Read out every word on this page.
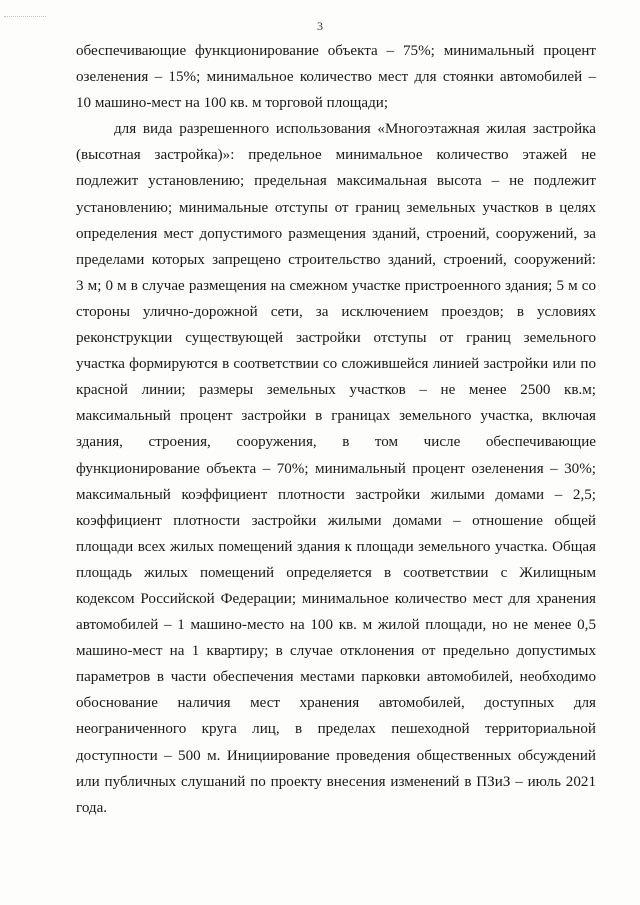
3
обеспечивающие функционирование объекта – 75%; минимальный процент
озеленения – 15%; минимальное количество мест для стоянки автомобилей –
10 машино-мест на 100 кв. м торговой площади;
для вида разрешенного использования «Многоэтажная жилая застройка
(высотная застройка)»: предельное минимальное количество этажей не
подлежит установлению; предельная максимальная высота – не подлежит
установлению; минимальные отступы от границ земельных участков в целях
определения мест допустимого размещения зданий, строений, сооружений, за
пределами которых запрещено строительство зданий, строений, сооружений:
3 м; 0 м в случае размещения на смежном участке пристроенного здания; 5 м со
стороны улично-дорожной сети, за исключением проездов; в условиях
реконструкции существующей застройки отступы от границ земельного
участка формируются в соответствии со сложившейся линией застройки или по
красной линии; размеры земельных участков – не менее 2500 кв.м;
максимальный процент застройки в границах земельного участка, включая
здания, строения, сооружения, в том числе обеспечивающие
функционирование объекта – 70%; минимальный процент озеленения – 30%;
максимальный коэффициент плотности застройки жилыми домами – 2,5;
коэффициент плотности застройки жилыми домами – отношение общей
площади всех жилых помещений здания к площади земельного участка. Общая
площадь жилых помещений определяется в соответствии с Жилищным
кодексом Российской Федерации; минимальное количество мест для хранения
автомобилей – 1 машино-место на 100 кв. м жилой площади, но не менее 0,5
машино-мест на 1 квартиру; в случае отклонения от предельно допустимых
параметров в части обеспечения местами парковки автомобилей, необходимо
обоснование наличия мест хранения автомобилей, доступных для
неограниченного круга лиц, в пределах пешеходной территориальной
доступности – 500 м. Инициирование проведения общественных обсуждений
или публичных слушаний по проекту внесения изменений в ПЗиЗ – июль 2021
года.
